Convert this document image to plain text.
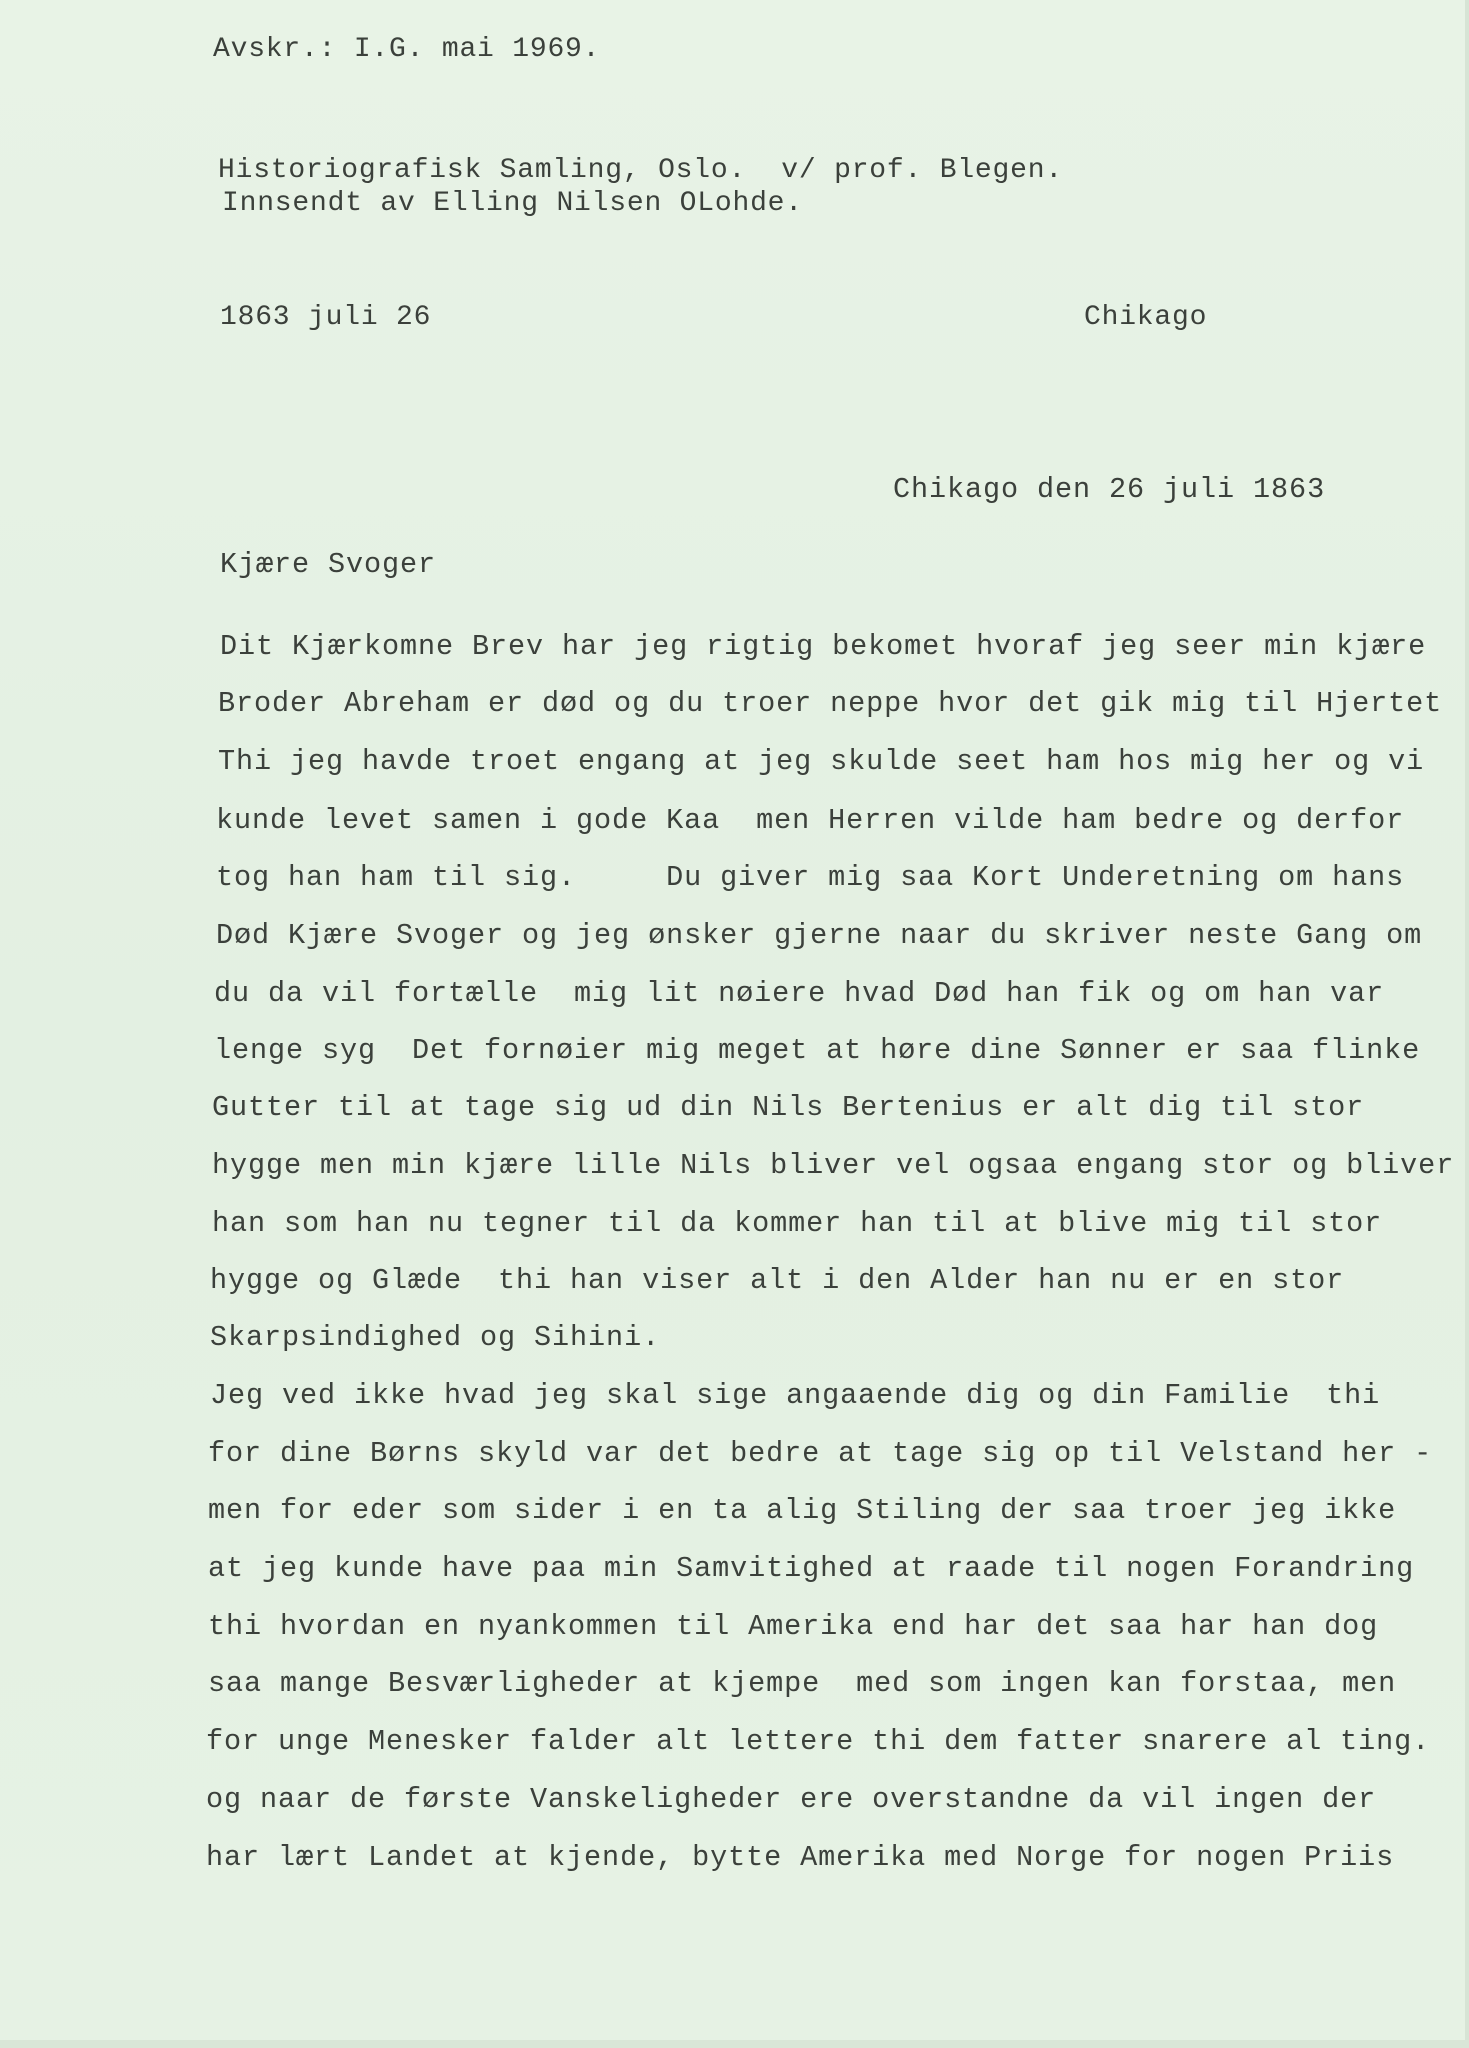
Avskr.: I.G. mai 1969.
Historiografisk Samling, Oslo.  v/ prof. Blegen.
Innsendt av Elling Nilsen OLohde.
1863 juli 26	Chikago
Chikago den 26 juli 1863
Kjære Svoger
Dit Kjærkomne Brev har jeg rigtig bekomet hvoraf jeg seer min kjære
Broder Abreham er død og du troer neppe hvor det gik mig til Hjertet
Thi jeg havde troet engang at jeg skulde seet ham hos mig her og vi
kunde levet samen i gode Kaa  men Herren vilde ham bedre og derfor
tog han ham til sig.     Du giver mig saa Kort Underetning om hans
Død Kjære Svoger og jeg ønsker gjerne naar du skriver neste Gang om
du da vil fortælle  mig lit nøiere hvad Død han fik og om han var
lenge syg  Det fornøier mig meget at høre dine Sønner er saa flinke
Gutter til at tage sig ud din Nils Bertenius er alt dig til stor
hygge men min kjære lille Nils bliver vel ogsaa engang stor og bliver
han som han nu tegner til da kommer han til at blive mig til stor
hygge og Glæde  thi han viser alt i den Alder han nu er en stor
Skarpsindighed og Sihini.
Jeg ved ikke hvad jeg skal sige angaaende dig og din Familie  thi
for dine Børns skyld var det bedre at tage sig op til Velstand her -
men for eder som sider i en ta alig Stiling der saa troer jeg ikke
at jeg kunde have paa min Samvitighed at raade til nogen Forandring
thi hvordan en nyankommen til Amerika end har det saa har han dog
saa mange Besværligheder at kjempe  med som ingen kan forstaa, men
for unge Menesker falder alt lettere thi dem fatter snarere al ting.
og naar de første Vanskeligheder ere overstandne da vil ingen der
har lært Landet at kjende, bytte Amerika med Norge for nogen Priis
